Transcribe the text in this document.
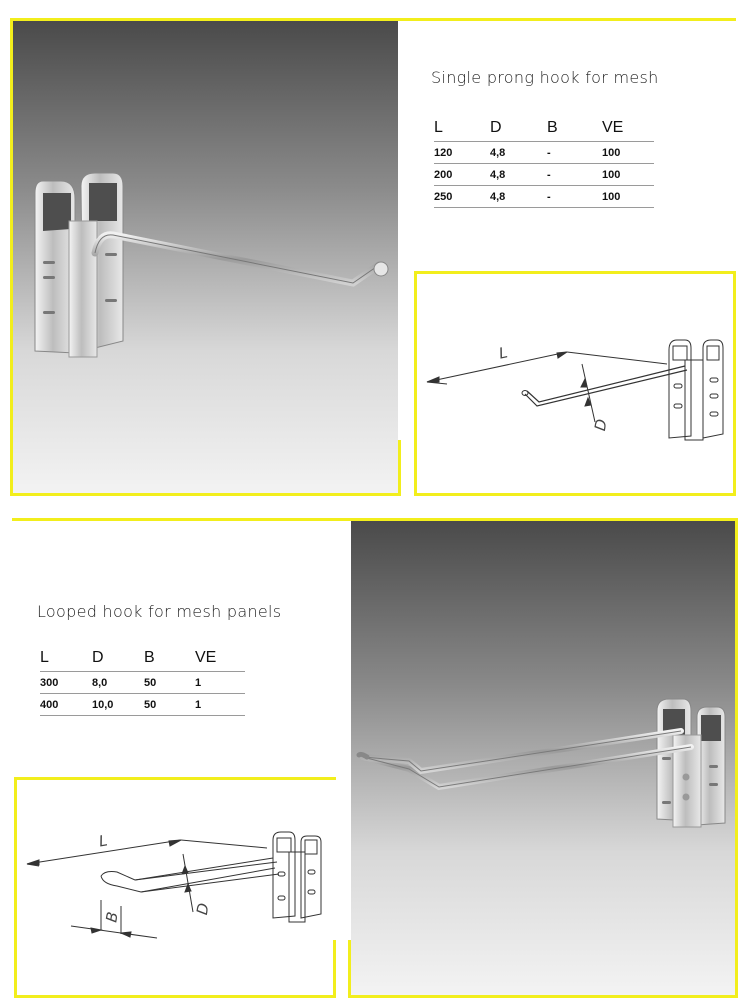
Single prong hook for mesh
L	D	B	VE
120	4,8	-	100
200	4,8	-	100
250	4,8	-	100
L
D
Looped hook for mesh panels
L	D	B	VE
300	8,0	50	1
400	10,0	50	1
L
B
D
